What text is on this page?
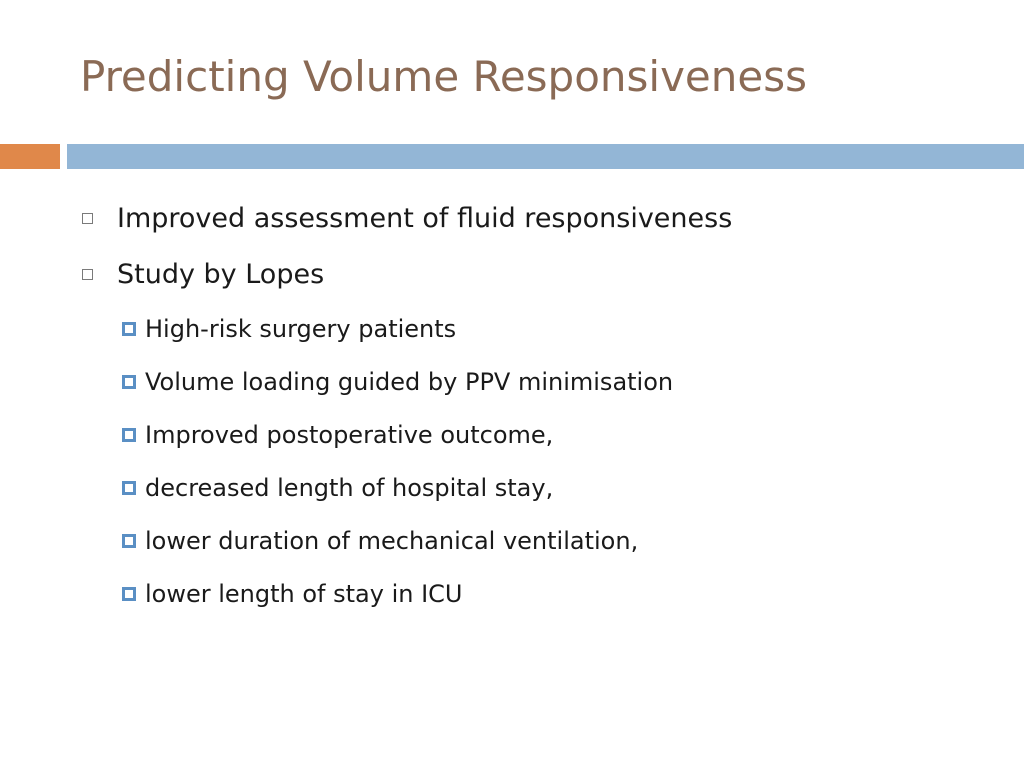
Predicting Volume Responsiveness
Improved assessment of fluid responsiveness
Study by Lopes
High-risk surgery patients
Volume loading guided by PPV minimisation
Improved postoperative outcome,
decreased length of hospital stay,
lower duration of mechanical ventilation,
lower length of stay in ICU
